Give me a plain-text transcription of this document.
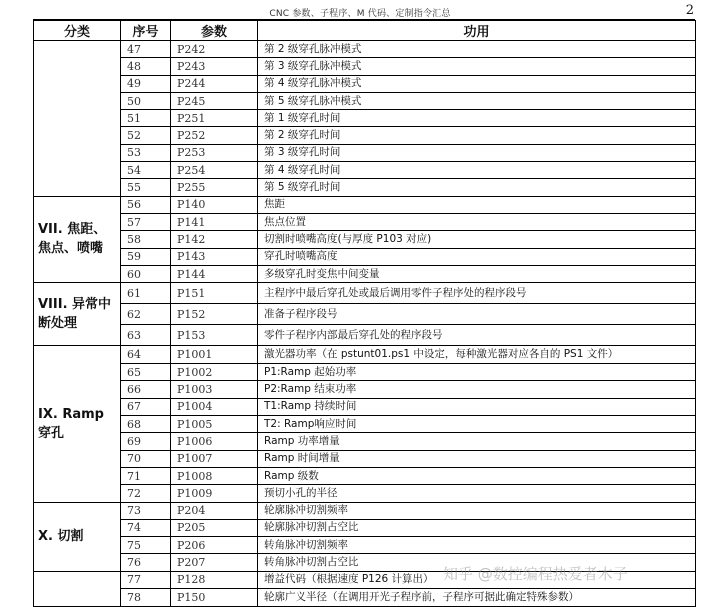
CNC 参数、子程序、M 代码、定制指令汇总	2
分类	序号	参数	功用
	47	P242	第 2 级穿孔脉冲模式
	48	P243	第 3 级穿孔脉冲模式
	49	P244	第 4 级穿孔脉冲模式
	50	P245	第 5 级穿孔脉冲模式
	51	P251	第 1 级穿孔时间
	52	P252	第 2 级穿孔时间
	53	P253	第 3 级穿孔时间
	54	P254	第 4 级穿孔时间
	55	P255	第 5 级穿孔时间
VII. 焦距、焦点、喷嘴	56	P140	焦距
	57	P141	焦点位置
	58	P142	切割时喷嘴高度(与厚度 P103 对应)
	59	P143	穿孔时喷嘴高度
	60	P144	多级穿孔时变焦中间变量
VIII. 异常中断处理	61	P151	主程序中最后穿孔处或最后调用零件子程序处的程序段号
	62	P152	准备子程序段号
	63	P153	零件子程序内部最后穿孔处的程序段号
IX. Ramp 穿孔	64	P1001	激光器功率（在 pstunt01.ps1 中设定，每种激光器对应各自的 PS1 文件）
	65	P1002	P1:Ramp 起始功率
	66	P1003	P2:Ramp 结束功率
	67	P1004	T1:Ramp 持续时间
	68	P1005	T2: Ramp响应时间
	69	P1006	Ramp 功率增量
	70	P1007	Ramp 时间增量
	71	P1008	Ramp 级数
	72	P1009	预切小孔的半径
X. 切割	73	P204	轮廓脉冲切割频率
	74	P205	轮廓脉冲切割占空比
	75	P206	转角脉冲切割频率
	76	P207	转角脉冲切割占空比
	77	P128	增益代码（根据速度 P126 计算出）
	78	P150	轮廓广义半径（在调用开光子程序前，子程序可据此确定特殊参数）
知乎 @数控编程热爱者木子
